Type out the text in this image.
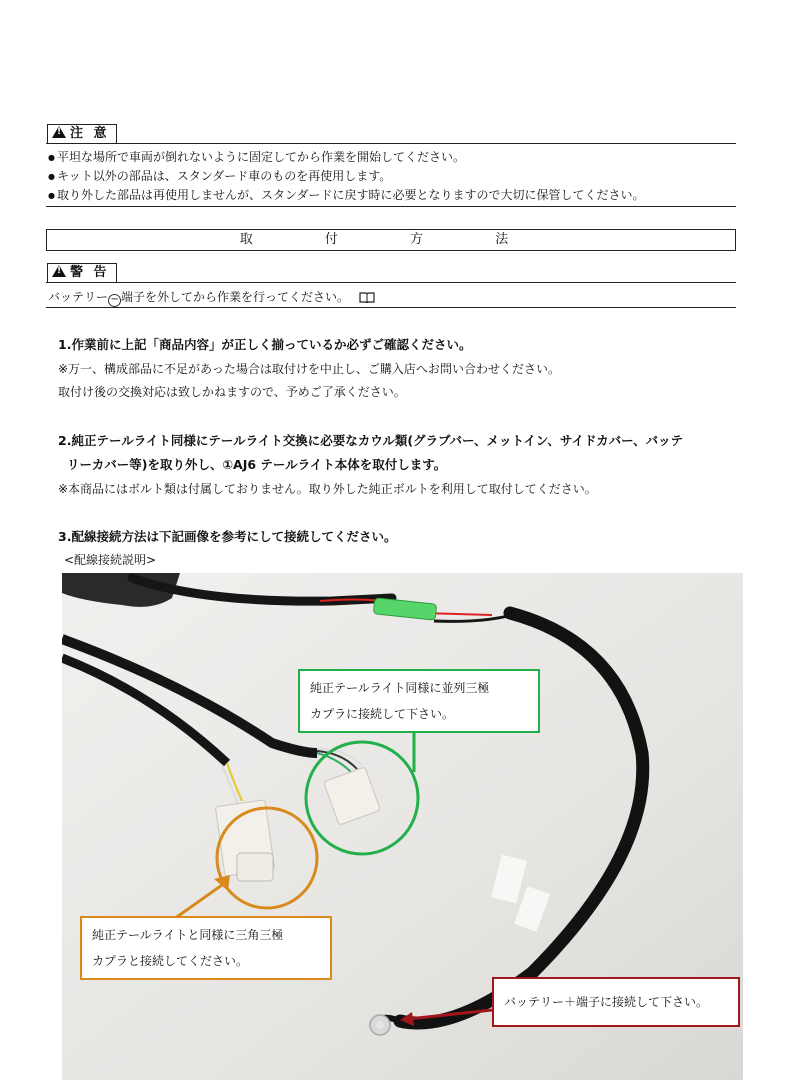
!注 意
● 平坦な場所で車両が倒れないように固定してから作業を開始してください。
● キット以外の部品は、スタンダード車のものを再使用します。
● 取り外した部品は再使用しませんが、スタンダードに戻す時に必要となりますので大切に保管してください。
取 付 方 法
!警 告
バッテリー − 端子を外してから作業を行ってください。
1.作業前に上記「商品内容」が正しく揃っているか必ずご確認ください。
※万一、構成部品に不足があった場合は取付けを中止し、ご購入店へお問い合わせください。
取付け後の交換対応は致しかねますので、予めご了承ください。
2.純正テールライト同様にテールライト交換に必要なカウル類(グラブバー、メットイン、サイドカバー、バッテ
リーカバー等)を取り外し、①AJ6 テールライト本体を取付します。
※本商品にはボルト類は付属しておりません。取り外した純正ボルトを利用して取付してください。
3.配線接続方法は下記画像を参考にして接続してください。
<配線接続説明>
純正テールライト同様に並列三極
カプラに接続して下さい。
純正テールライトと同様に三角三極
カプラと接続してください。
バッテリー＋端子に接続して下さい。
